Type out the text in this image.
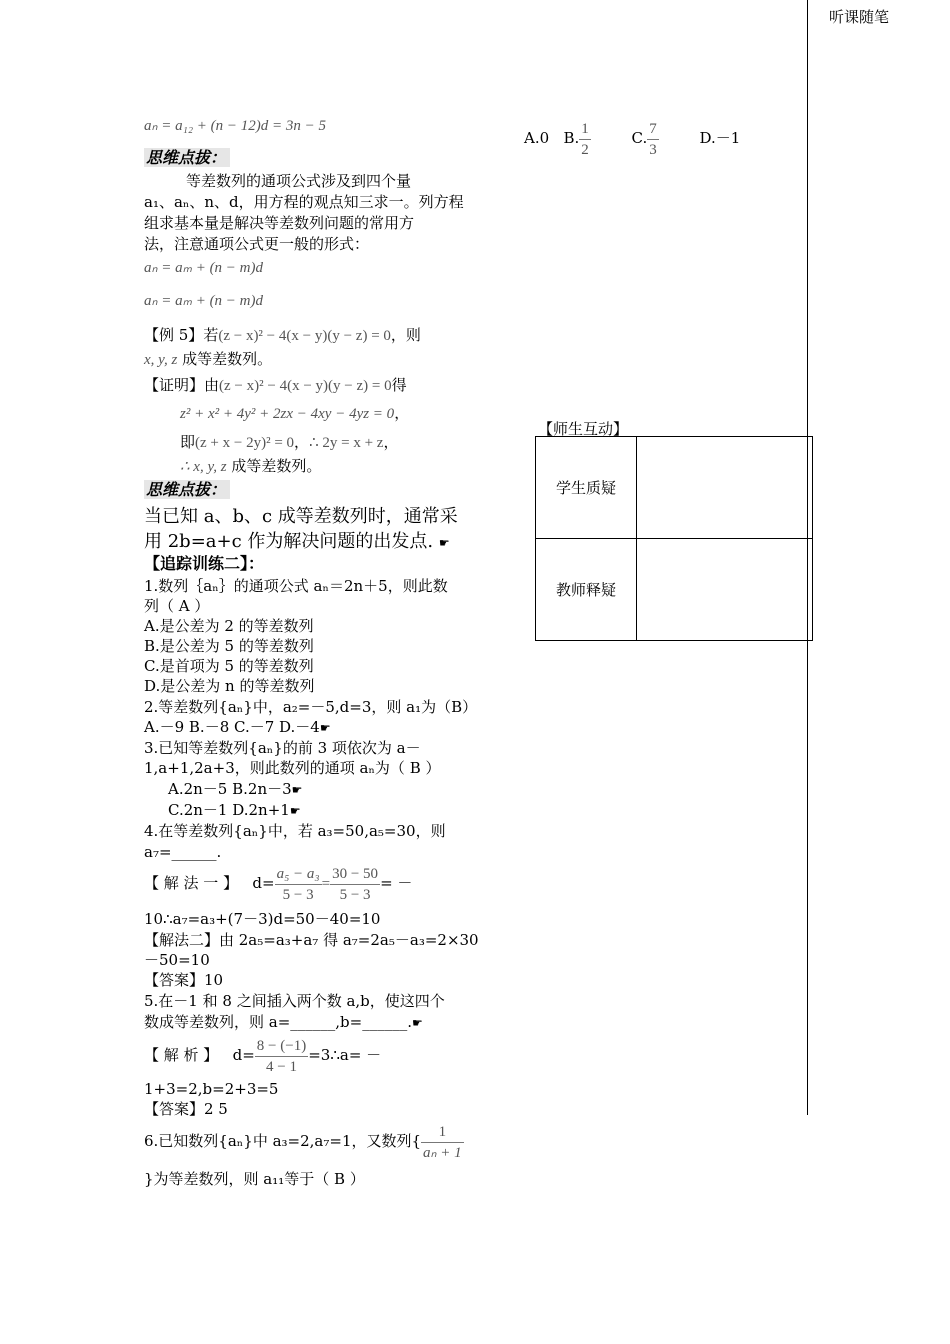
听课随笔
aₙ = a₁₂ + (n − 12)d = 3n − 5
思维点拔：
等差数列的通项公式涉及到四个量
a₁、aₙ、n、d，用方程的观点知三求一。列方程
组求基本量是解决等差数列问题的常用方
法，注意通项公式更一般的形式：
aₙ = aₘ + (n − m)d
aₙ = aₘ + (n − m)d
【例 5】若(z − x)² − 4(x − y)(y − z) = 0，则
x, y, z 成等差数列。
【证明】由(z − x)² − 4(x − y)(y − z) = 0得
z² + x² + 4y² + 2zx − 4xy − 4yz = 0，
即(z + x − 2y)² = 0，∴ 2y = x + z，
∴ x, y, z 成等差数列。
思维点拔：
当已知 a、b、c 成等差数列时，通常采
用 2b=a+c 作为解决问题的出发点. ☛
【追踪训练二】：
1.数列｛aₙ｝的通项公式 aₙ＝2n＋5，则此数
列（ A ）
A.是公差为 2 的等差数列
B.是公差为 5 的等差数列
C.是首项为 5 的等差数列
D.是公差为 n 的等差数列
2.等差数列{aₙ}中，a₂=－5,d=3，则 a₁为（B）
A.－9 B.－8 C.－7 D.－4☛
3.已知等差数列{aₙ}的前 3 项依次为 a－
1,a+1,2a+3，则此数列的通项 aₙ为（ B ）
A.2n－5 B.2n－3☛
C.2n－1 D.2n+1☛
4.在等差数列{aₙ}中，若 a₃=50,a₅=30，则
a₇=______.
【 解 法 一 】 $d= \frac{\text{a₅ − a₃}}{5 - 3} = \frac{30 - 50}{5 - 3}$ = －
10∴a₇=a₃+(7－3)d=50－40=10
【解法二】由 2a₅=a₃+a₇ 得 a₇=2a₅－a₃=2×30
－50=10
【答案】10
5.在－1 和 8 之间插入两个数 a,b，使这四个
数成等差数列，则 a=______,b=______.☛
【 解 析 】 $d= \frac{8 - (-1)}{4 - 1}$ =3∴a= －
1+3=2,b=2+3=5
【答案】2 5
6.已知数列{aₙ}中 a₃=2,a₇=1，又数列{ $\frac{1}{\text{aₙ + 1}}$
}为等差数列，则 a₁₁等于（ B ）
A.0 B. $\frac{1}{2}$	C. $\frac{7}{3}$	D.－1
【师生互动】
学生质疑	
教师释疑	
